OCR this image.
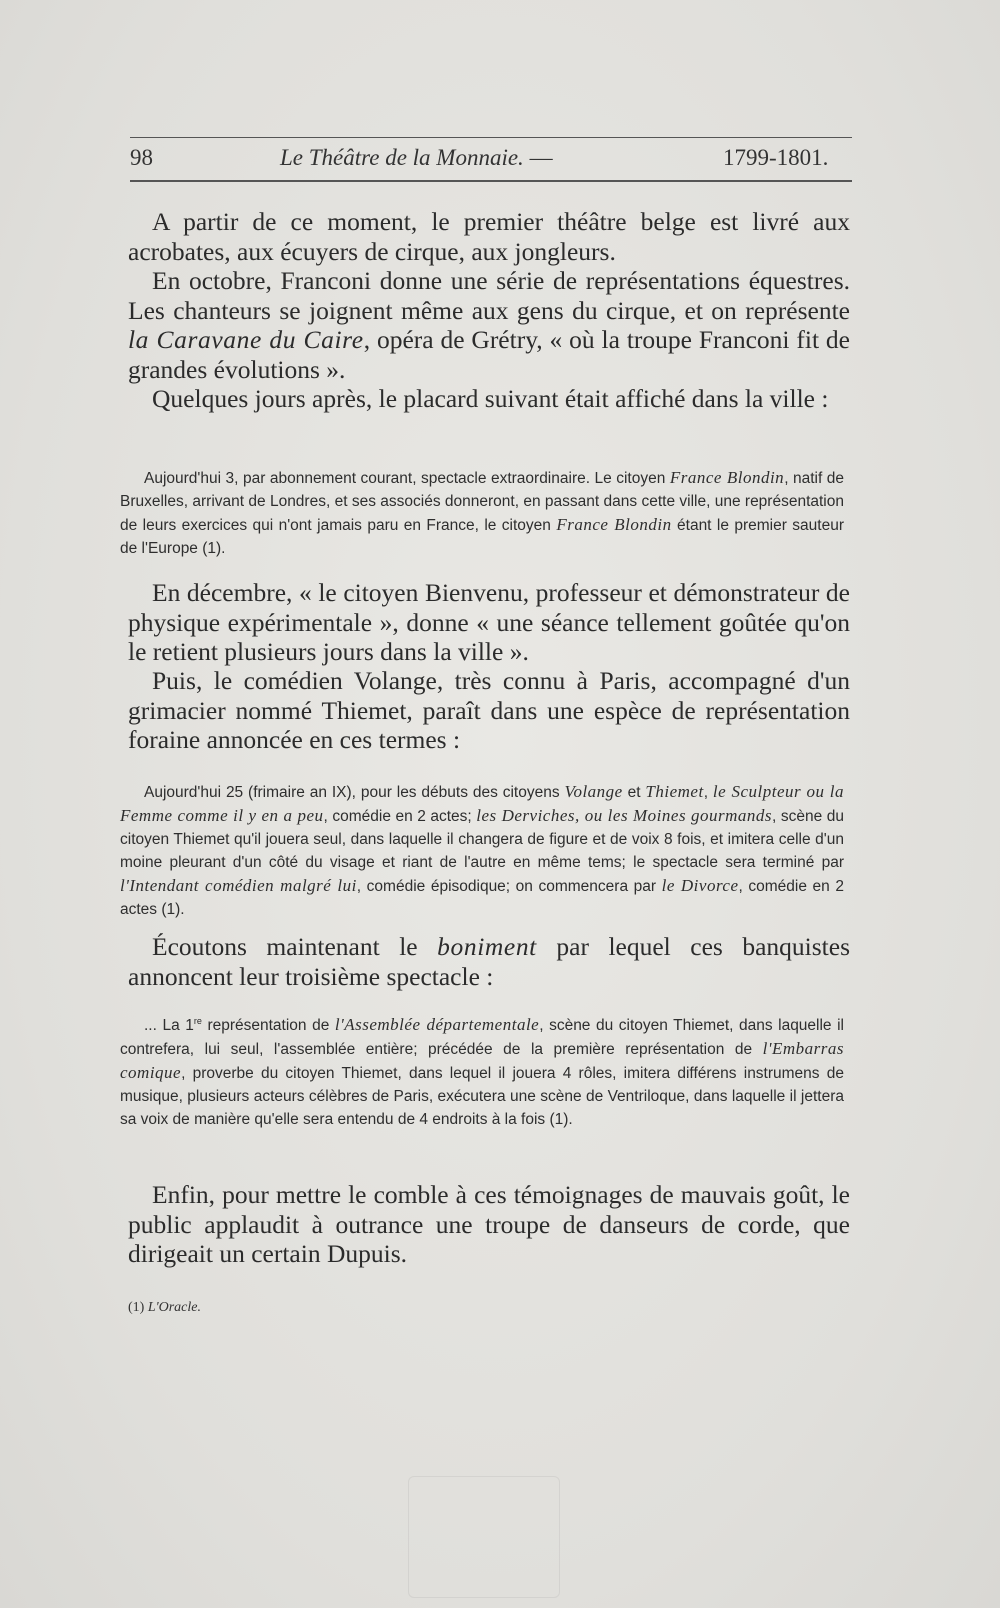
98	Le Théâtre de la Monnaie. —	1799-1801.
A partir de ce moment, le premier théâtre belge est livré aux acrobates, aux écuyers de cirque, aux jongleurs.
En octobre, Franconi donne une série de représentations équestres. Les chanteurs se joignent même aux gens du cirque, et on représente la Caravane du Caire, opéra de Grétry, « où la troupe Franconi fit de grandes évolutions ».
Quelques jours après, le placard suivant était affiché dans la ville :
Aujourd'hui 3, par abonnement courant, spectacle extraordinaire. Le citoyen France Blondin, natif de Bruxelles, arrivant de Londres, et ses associés donneront, en passant dans cette ville, une représentation de leurs exercices qui n'ont jamais paru en France, le citoyen France Blondin étant le premier sauteur de l'Europe (1).
En décembre, « le citoyen Bienvenu, professeur et démonstrateur de physique expérimentale », donne « une séance tellement goûtée qu'on le retient plusieurs jours dans la ville ».
Puis, le comédien Volange, très connu à Paris, accompagné d'un grimacier nommé Thiemet, paraît dans une espèce de représentation foraine annoncée en ces termes :
Aujourd'hui 25 (frimaire an IX), pour les débuts des citoyens Volange et Thiemet, le Sculpteur ou la Femme comme il y en a peu, comédie en 2 actes; les Derviches, ou les Moines gourmands, scène du citoyen Thiemet qu'il jouera seul, dans laquelle il changera de figure et de voix 8 fois, et imitera celle d'un moine pleurant d'un côté du visage et riant de l'autre en même tems; le spectacle sera terminé par l'Intendant comédien malgré lui, comédie épisodique; on commencera par le Divorce, comédie en 2 actes (1).
Écoutons maintenant le boniment par lequel ces banquistes annoncent leur troisième spectacle :
... La 1re représentation de l'Assemblée départementale, scène du citoyen Thiemet, dans laquelle il contrefera, lui seul, l'assemblée entière; précédée de la première représentation de l'Embarras comique, proverbe du citoyen Thiemet, dans lequel il jouera 4 rôles, imitera différens instrumens de musique, plusieurs acteurs célèbres de Paris, exécutera une scène de Ventriloque, dans laquelle il jettera sa voix de manière qu'elle sera entendu de 4 endroits à la fois (1).
Enfin, pour mettre le comble à ces témoignages de mauvais goût, le public applaudit à outrance une troupe de danseurs de corde, que dirigeait un certain Dupuis.
(1) L'Oracle.
